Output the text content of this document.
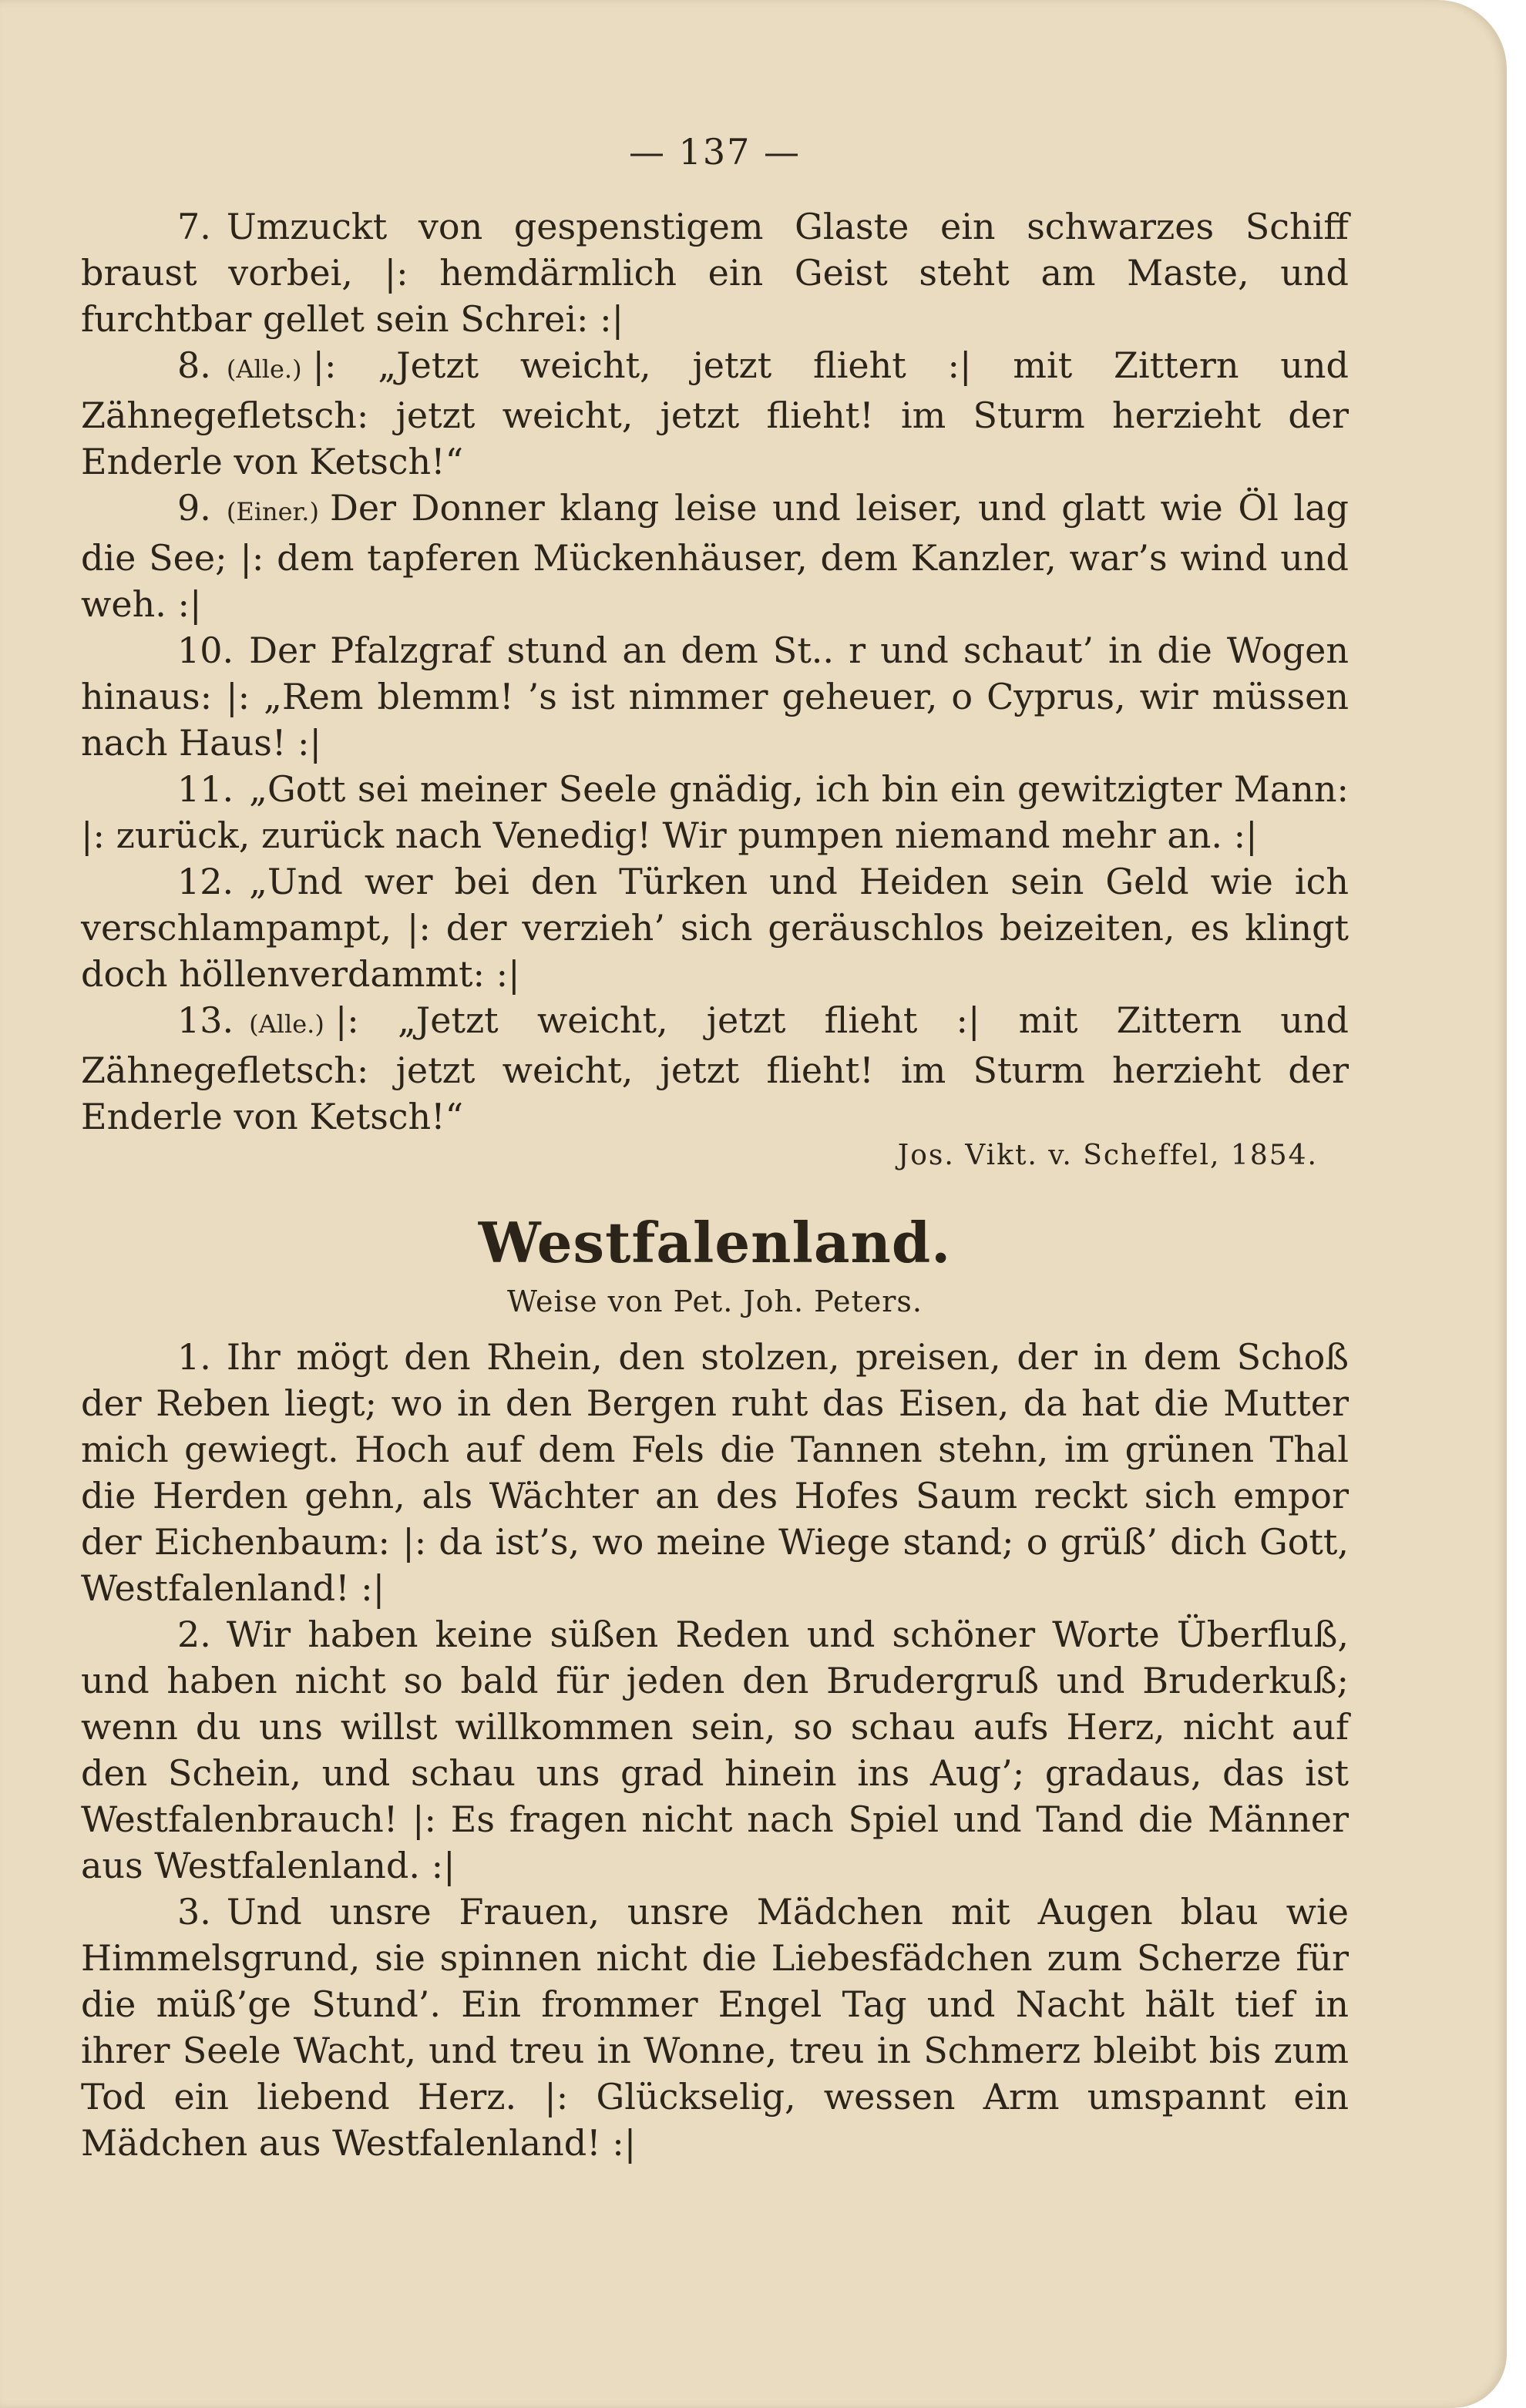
— 137 —

7. Umzuckt von gespenstigem Glaste ein schwarzes Schiff braust vorbei, |: hemdärmlich ein Geist steht am Maste, und furchtbar gellet sein Schrei: :|

8. (Alle.) |: „Jetzt weicht, jetzt flieht :| mit Zittern und Zähnegefletsch: jetzt weicht, jetzt flieht! im Sturm herzieht der Enderle von Ketsch!“

9. (Einer.) Der Donner klang leise und leiser, und glatt wie Öl lag die See; |: dem tapferen Mückenhäuser, dem Kanzler, war’s wind und weh. :|

10. Der Pfalzgraf stund an dem St.. r und schaut’ in die Wogen hinaus: |: „Rem blemm! ’s ist nimmer geheuer, o Cyprus, wir müssen nach Haus! :|

11. „Gott sei meiner Seele gnädig, ich bin ein gewitzigter Mann: |: zurück, zurück nach Venedig! Wir pumpen niemand mehr an. :|

12. „Und wer bei den Türken und Heiden sein Geld wie ich verschlampampt, |: der verzieh’ sich geräuschlos beizeiten, es klingt doch höllenverdammt: :|

13. (Alle.) |: „Jetzt weicht, jetzt flieht :| mit Zittern und Zähnegefletsch: jetzt weicht, jetzt flieht! im Sturm herzieht der Enderle von Ketsch!“

Jos. Vikt. v. Scheffel, 1854.
Westfalenland.
Weise von Pet. Joh. Peters.

1. Ihr mögt den Rhein, den stolzen, preisen, der in dem Schoß der Reben liegt; wo in den Bergen ruht das Eisen, da hat die Mutter mich gewiegt. Hoch auf dem Fels die Tannen stehn, im grünen Thal die Herden gehn, als Wächter an des Hofes Saum reckt sich empor der Eichenbaum: |: da ist’s, wo meine Wiege stand; o grüß’ dich Gott, Westfalenland! :|

2. Wir haben keine süßen Reden und schöner Worte Überfluß, und haben nicht so bald für jeden den Brudergruß und Bruderkuß; wenn du uns willst willkommen sein, so schau aufs Herz, nicht auf den Schein, und schau uns grad hinein ins Aug’; gradaus, das ist Westfalenbrauch! |: Es fragen nicht nach Spiel und Tand die Männer aus Westfalenland. :|

3. Und unsre Frauen, unsre Mädchen mit Augen blau wie Himmelsgrund, sie spinnen nicht die Liebesfädchen zum Scherze für die müß’ge Stund’. Ein frommer Engel Tag und Nacht hält tief in ihrer Seele Wacht, und treu in Wonne, treu in Schmerz bleibt bis zum Tod ein liebend Herz. |: Glückselig, wessen Arm umspannt ein Mädchen aus Westfalenland! :|
